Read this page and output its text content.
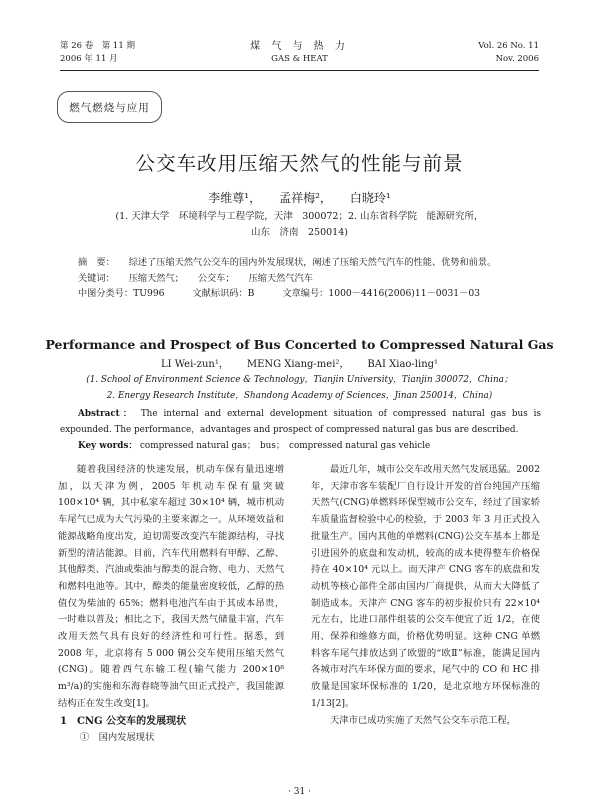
第 26 卷　第 11 期
2006 年 11 月
煤 气 与 热 力
GAS & HEAT
Vol. 26 No. 11
Nov. 2006
燃气燃烧与应用
公交车改用压缩天然气的性能与前景
李维尊¹， 孟祥梅²， 白晓玲¹
(1. 天津大学　环境科学与工程学院，天津　300072；2. 山东省科学院　能源研究所，
山东　济南　250014)
摘　要： 综述了压缩天然气公交车的国内外发展现状，阐述了压缩天然气汽车的性能、优势和前景。
关键词： 压缩天然气； 公交车； 压缩天然气汽车
中图分类号：TU996	文献标识码：B	文章编号：1000－4416(2006)11－0031－03
Performance and Prospect of Bus Concerted to Compressed Natural Gas
LI Wei-zun¹， MENG Xiang-mei²， BAI Xiao-ling¹
(1. School of Environment Science & Technology，Tianjin University，Tianjin 300072，China；
2. Energy Research Institute，Shandong Academy of Sciences，Jinan 250014，China)
Abstract： The internal and external development situation of compressed natural gas bus is expounded. The performance，advantages and prospect of compressed natural gas bus are described.
Key words： compressed natural gas；　bus；　compressed natural gas vehicle

随着我国经济的快速发展，机动车保有量迅速增加，以天津为例，2005 年机动车保有量突破 100×10⁴ 辆，其中私家车超过 30×10⁴ 辆，城市机动车尾气已成为大气污染的主要来源之一。从环境效益和能源战略角度出发，迫切需要改变汽车能源结构，寻找新型的清洁能源。目前，汽车代用燃料有甲醇、乙醇、其他醇类、汽油或柴油与醇类的混合物、电力、天然气和燃料电池等。其中，醇类的能量密度较低，乙醇的热值仅为柴油的 65%；燃料电池汽车由于其成本昂贵，一时难以普及；相比之下，我国天然气储量丰富，汽车改用天然气具有良好的经济性和可行性。据悉，到 2008 年，北京将有 5 000 辆公交车使用压缩天然气(CNG)。随着西气东输工程(输气能力 200×10⁸ m³/a)的实施和东海春晓等油气田正式投产，我国能源结构正在发生改变[1]。

1　CNG 公交车的发展现状
①　国内发展现状

最近几年，城市公交车改用天然气发展迅猛。2002 年，天津市客车装配厂自行设计开发的首台纯国产压缩天然气(CNG)单燃料环保型城市公交车，经过了国家轿车质量监督检验中心的检验，于 2003 年 3 月正式投入批量生产。国内其他的单燃料(CNG)公交车基本上都是引进国外的底盘和发动机，较高的成本使得整车价格保持在 40×10⁴ 元以上。而天津产 CNG 客车的底盘和发动机等核心部件全部由国内厂商提供，从而大大降低了制造成本。天津产 CNG 客车的初步报价只有 22×10⁴ 元左右，比进口部件组装的公交车便宜了近 1/2，在使用、保养和维修方面，价格优势明显。这种 CNG 单燃料客车尾气排放达到了欧盟的“欧Ⅱ”标准，能满足国内各城市对汽车环保方面的要求，尾气中的 CO 和 HC 排放量是国家环保标准的 1/20，是北京地方环保标准的 1/13[2]。

天津市已成功实施了天然气公交车示范工程，

· 31 ·
